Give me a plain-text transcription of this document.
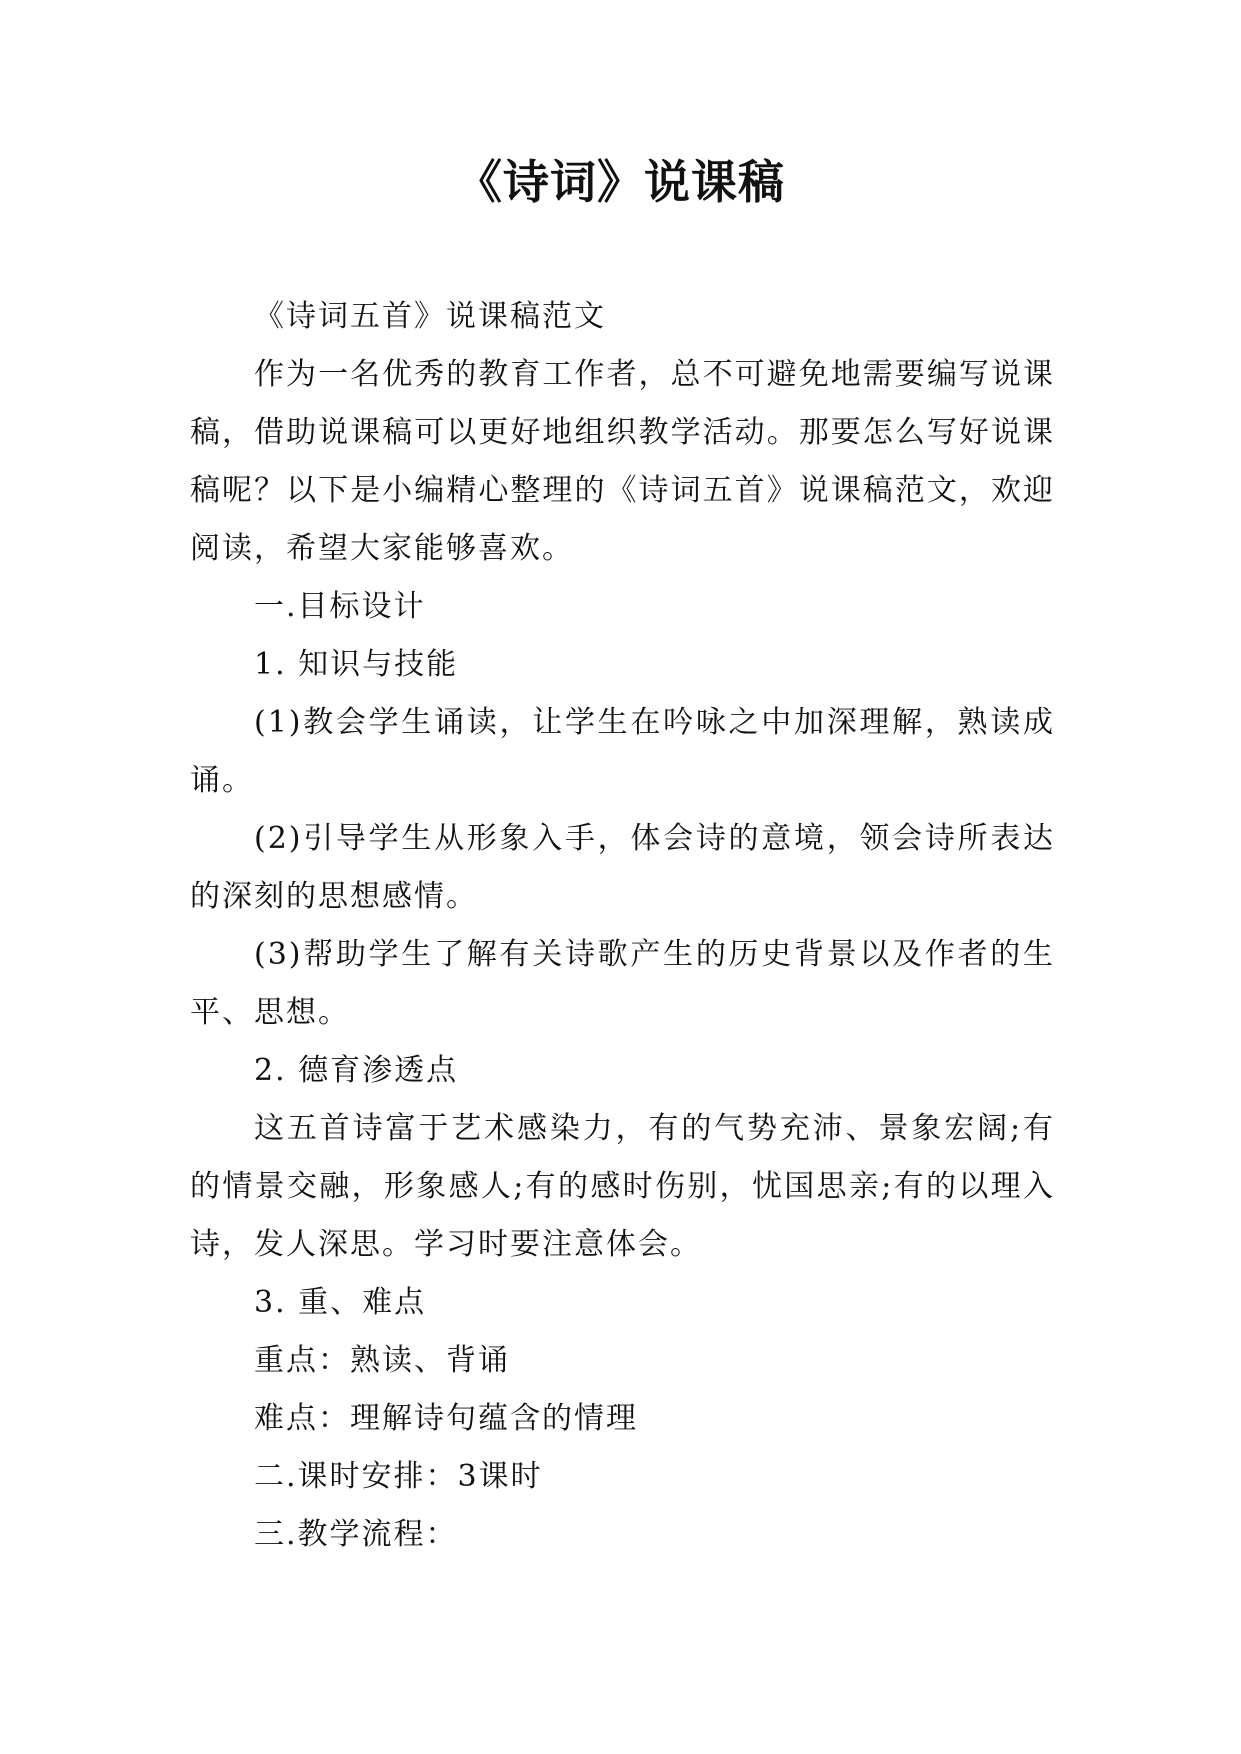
《诗词》说课稿

《诗词五首》说课稿范文

作为一名优秀的教育工作者，总不可避免地需要编写说课稿，借助说课稿可以更好地组织教学活动。那要怎么写好说课稿呢？以下是小编精心整理的《诗词五首》说课稿范文，欢迎阅读，希望大家能够喜欢。

一.目标设计

1. 知识与技能

(1)教会学生诵读，让学生在吟咏之中加深理解，熟读成诵。

(2)引导学生从形象入手，体会诗的意境，领会诗所表达的深刻的思想感情。

(3)帮助学生了解有关诗歌产生的历史背景以及作者的生平、思想。

2. 德育渗透点

这五首诗富于艺术感染力，有的气势充沛、景象宏阔;有的情景交融，形象感人;有的感时伤别，忧国思亲;有的以理入诗，发人深思。学习时要注意体会。

3. 重、难点

重点：熟读、背诵

难点：理解诗句蕴含的情理

二.课时安排：3课时

三.教学流程：
